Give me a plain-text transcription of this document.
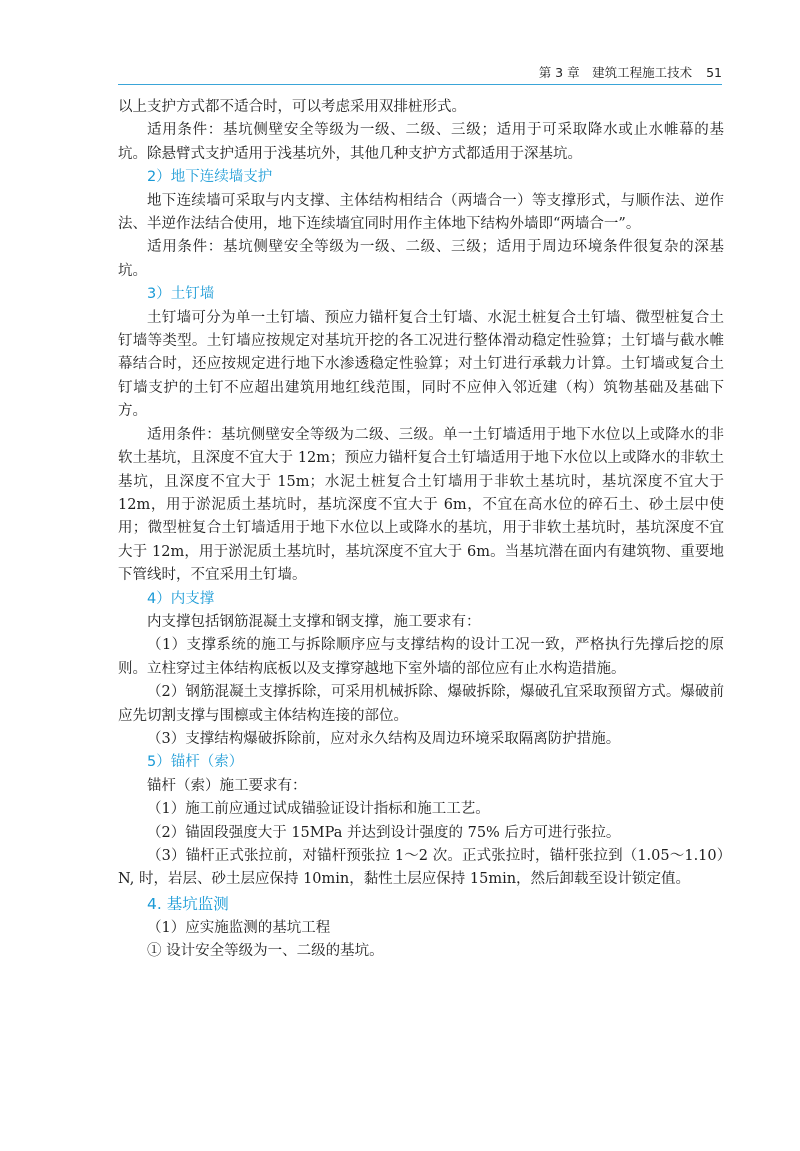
第 3 章　建筑工程施工技术 51

以上支护方式都不适合时，可以考虑采用双排桩形式。

适用条件：基坑侧壁安全等级为一级、二级、三级；适用于可采取降水或止水帷幕的基坑。除悬臂式支护适用于浅基坑外，其他几种支护方式都适用于深基坑。

2）地下连续墙支护

地下连续墙可采取与内支撑、主体结构相结合（两墙合一）等支撑形式，与顺作法、逆作法、半逆作法结合使用，地下连续墙宜同时用作主体地下结构外墙即“两墙合一”。

适用条件：基坑侧壁安全等级为一级、二级、三级；适用于周边环境条件很复杂的深基坑。

3）土钉墙

土钉墙可分为单一土钉墙、预应力锚杆复合土钉墙、水泥土桩复合土钉墙、微型桩复合土钉墙等类型。土钉墙应按规定对基坑开挖的各工况进行整体滑动稳定性验算；土钉墙与截水帷幕结合时，还应按规定进行地下水渗透稳定性验算；对土钉进行承载力计算。土钉墙或复合土钉墙支护的土钉不应超出建筑用地红线范围，同时不应伸入邻近建（构）筑物基础及基础下方。

适用条件：基坑侧壁安全等级为二级、三级。单一土钉墙适用于地下水位以上或降水的非软土基坑，且深度不宜大于 12m；预应力锚杆复合土钉墙适用于地下水位以上或降水的非软土基坑，且深度不宜大于 15m；水泥土桩复合土钉墙用于非软土基坑时，基坑深度不宜大于 12m，用于淤泥质土基坑时，基坑深度不宜大于 6m，不宜在高水位的碎石土、砂土层中使用；微型桩复合土钉墙适用于地下水位以上或降水的基坑，用于非软土基坑时，基坑深度不宜大于 12m，用于淤泥质土基坑时，基坑深度不宜大于 6m。当基坑潜在面内有建筑物、重要地下管线时，不宜采用土钉墙。

4）内支撑

内支撑包括钢筋混凝土支撑和钢支撑，施工要求有：

（1）支撑系统的施工与拆除顺序应与支撑结构的设计工况一致，严格执行先撑后挖的原则。立柱穿过主体结构底板以及支撑穿越地下室外墙的部位应有止水构造措施。

（2）钢筋混凝土支撑拆除，可采用机械拆除、爆破拆除，爆破孔宜采取预留方式。爆破前应先切割支撑与围檩或主体结构连接的部位。

（3）支撑结构爆破拆除前，应对永久结构及周边环境采取隔离防护措施。

5）锚杆（索）

锚杆（索）施工要求有：

（1）施工前应通过试成锚验证设计指标和施工工艺。

（2）锚固段强度大于 15MPa 并达到设计强度的 75% 后方可进行张拉。

（3）锚杆正式张拉前，对锚杆预张拉 1～2 次。正式张拉时，锚杆张拉到（1.05～1.10）N, 时，岩层、砂土层应保持 10min，黏性土层应保持 15min，然后卸载至设计锁定值。

4. 基坑监测

（1）应实施监测的基坑工程

① 设计安全等级为一、二级的基坑。
